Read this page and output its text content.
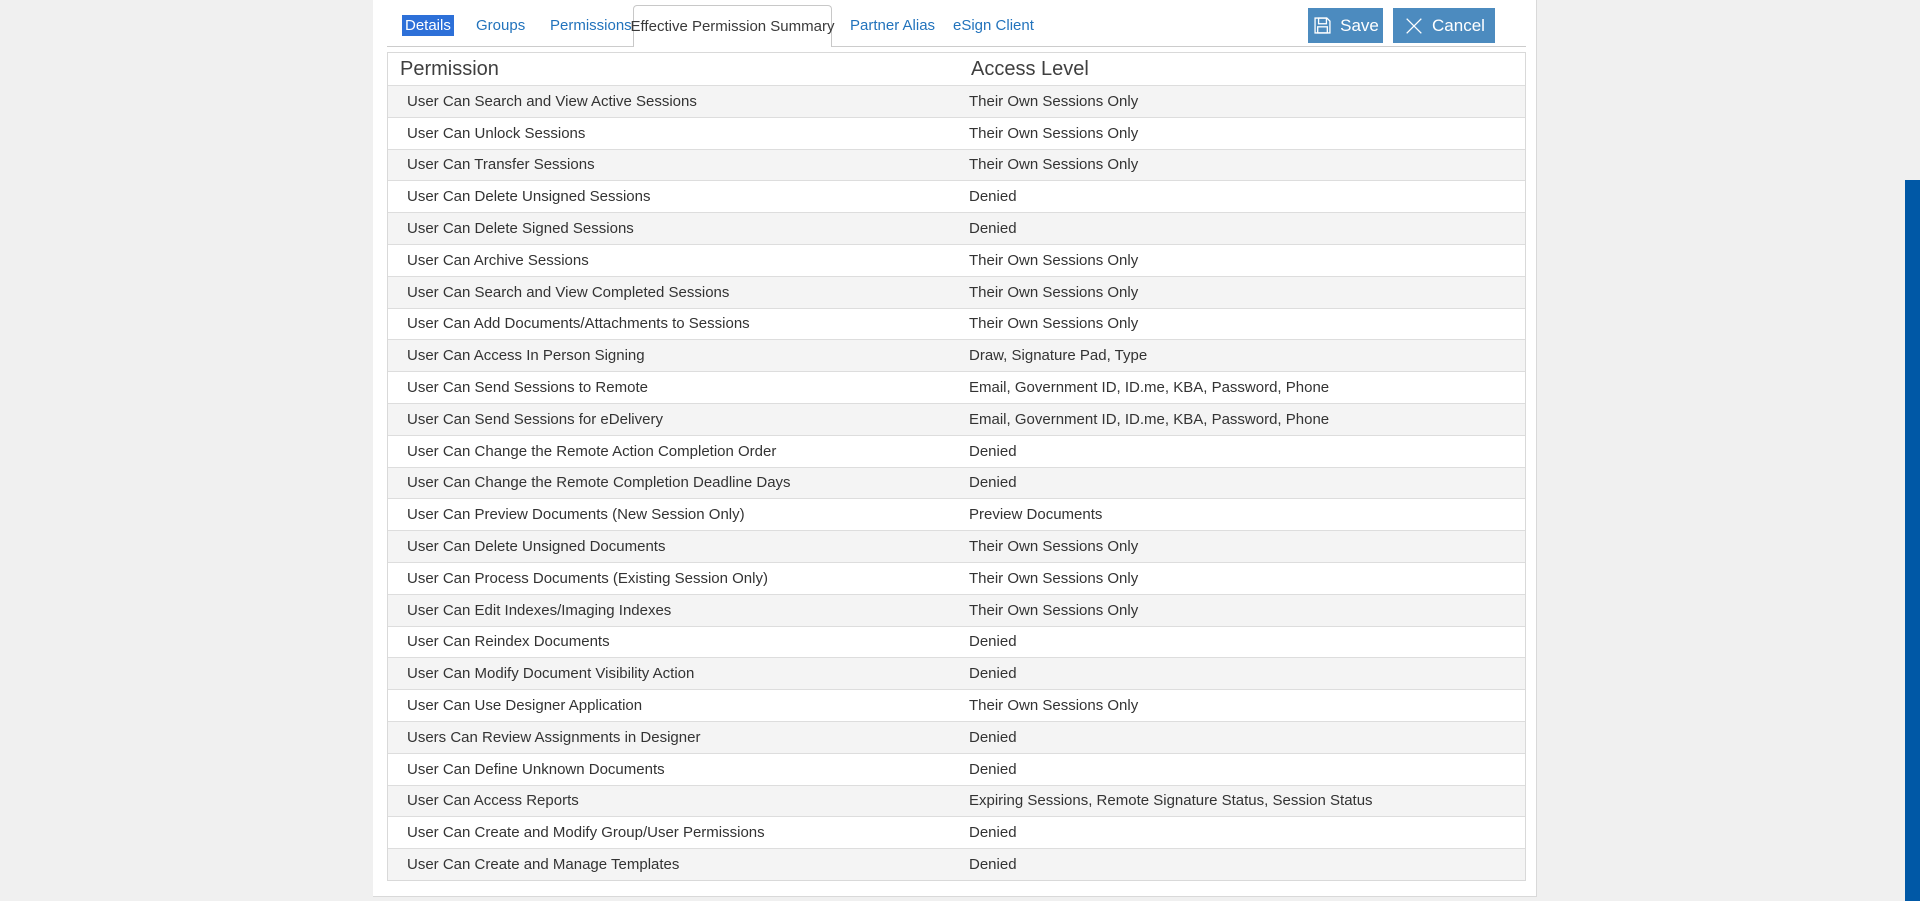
Details Groups Permissions
Effective Permission Summary Partner Alias eSign Client	Save	Cancel
Permission	Access Level
User Can Search and View Active Sessions	Their Own Sessions Only
User Can Unlock Sessions	Their Own Sessions Only
User Can Transfer Sessions	Their Own Sessions Only
User Can Delete Unsigned Sessions	Denied
User Can Delete Signed Sessions	Denied
User Can Archive Sessions	Their Own Sessions Only
User Can Search and View Completed Sessions	Their Own Sessions Only
User Can Add Documents/Attachments to Sessions	Their Own Sessions Only
User Can Access In Person Signing	Draw, Signature Pad, Type
User Can Send Sessions to Remote	Email, Government ID, ID.me, KBA, Password, Phone
User Can Send Sessions for eDelivery	Email, Government ID, ID.me, KBA, Password, Phone
User Can Change the Remote Action Completion Order	Denied
User Can Change the Remote Completion Deadline Days	Denied
User Can Preview Documents (New Session Only)	Preview Documents
User Can Delete Unsigned Documents	Their Own Sessions Only
User Can Process Documents (Existing Session Only)	Their Own Sessions Only
User Can Edit Indexes/Imaging Indexes	Their Own Sessions Only
User Can Reindex Documents	Denied
User Can Modify Document Visibility Action	Denied
User Can Use Designer Application	Their Own Sessions Only
Users Can Review Assignments in Designer	Denied
User Can Define Unknown Documents	Denied
User Can Access Reports	Expiring Sessions, Remote Signature Status, Session Status
User Can Create and Modify Group/User Permissions	Denied
User Can Create and Manage Templates	Denied
